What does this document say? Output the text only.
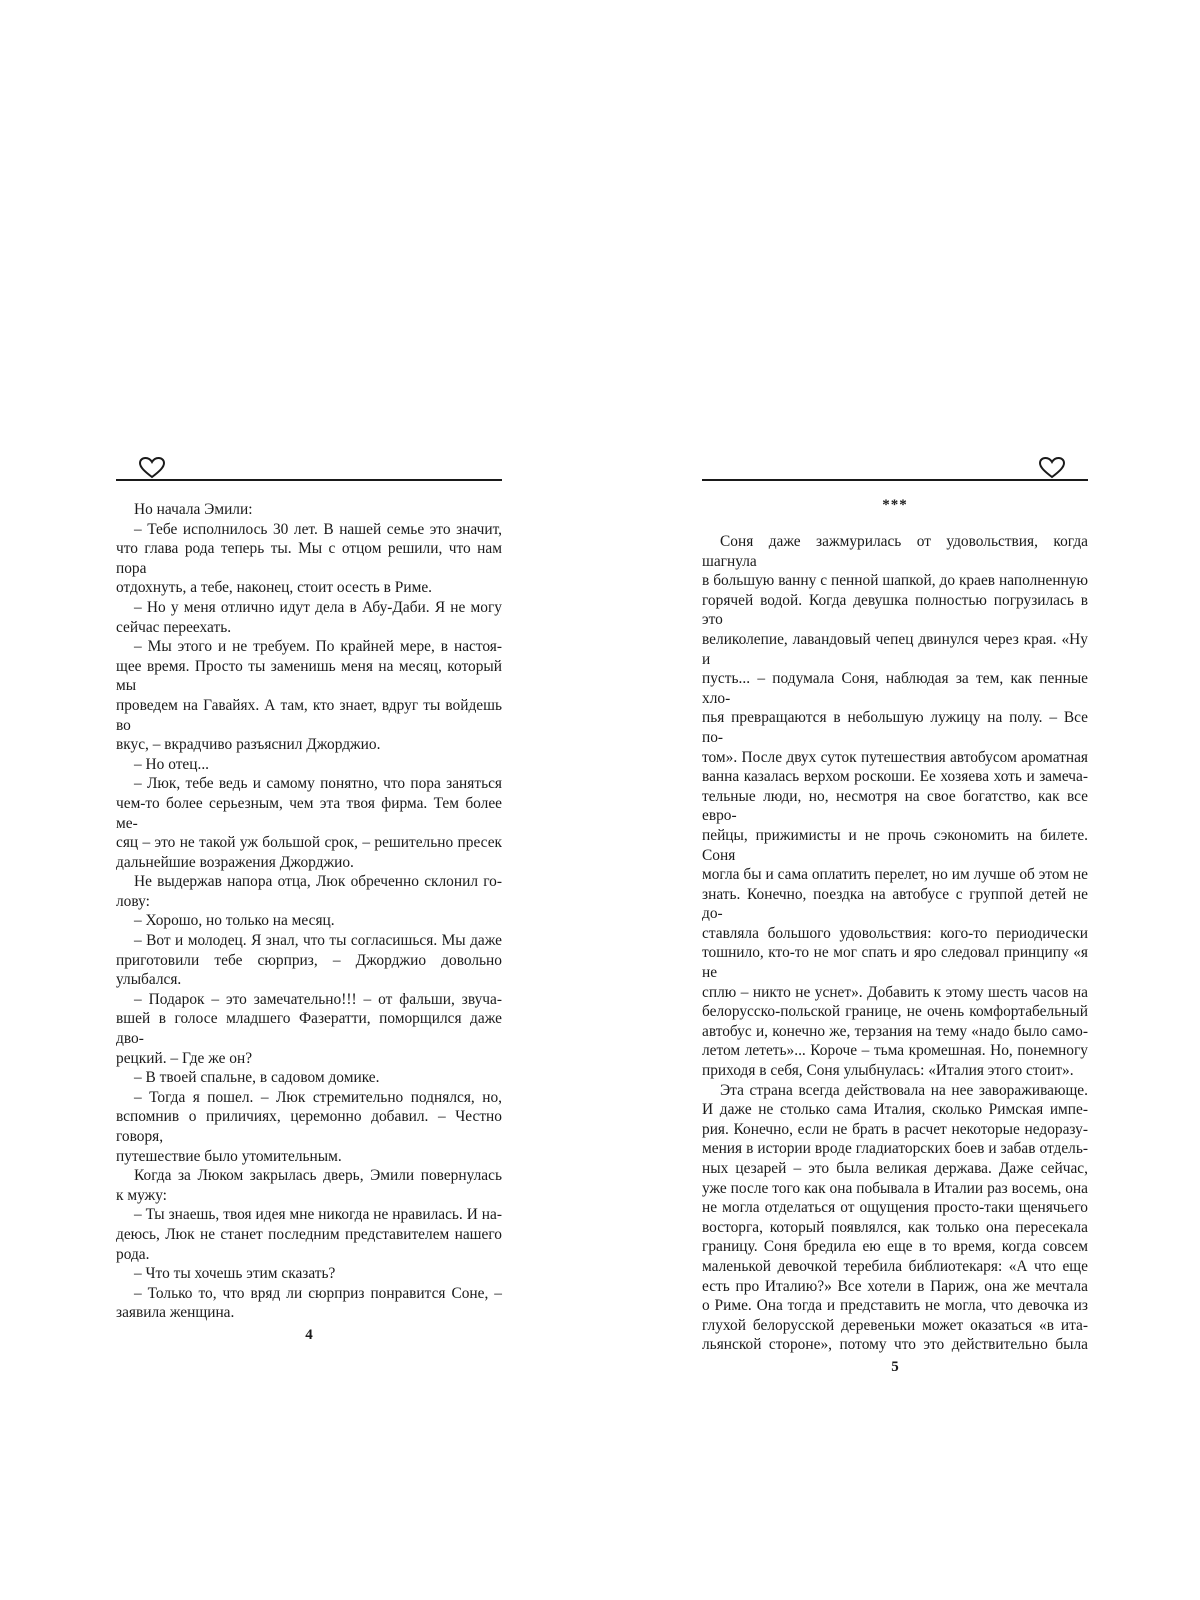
Но начала Эмили:

– Тебе исполнилось 30 лет. В нашей семье это значит,

что глава рода теперь ты. Мы с отцом решили, что нам пора

отдохнуть, а тебе, наконец, стоит осесть в Риме.

– Но у меня отлично идут дела в Абу-Даби. Я не могу

сейчас переехать.

– Мы этого и не требуем. По крайней мере, в настоя-

щее время. Просто ты заменишь меня на месяц, который мы

проведем на Гавайях. А там, кто знает, вдруг ты войдешь во

вкус, – вкрадчиво разъяснил Джорджио.

– Но отец...

– Люк, тебе ведь и самому понятно, что пора заняться

чем-то более серьезным, чем эта твоя фирма. Тем более ме-

сяц – это не такой уж большой срок, – решительно пресек

дальнейшие возражения Джорджио.

Не выдержав напора отца, Люк обреченно склонил го-

лову:

– Хорошо, но только на месяц.

– Вот и молодец. Я знал, что ты согласишься. Мы даже

приготовили тебе сюрприз, – Джорджио довольно улыбался.

– Подарок – это замечательно!!! – от фальши, звуча-

вшей в голосе младшего Фазератти, поморщился даже дво-

рецкий. – Где же он?

– В твоей спальне, в садовом домике.

– Тогда я пошел. – Люк стремительно поднялся, но,

вспомнив о приличиях, церемонно добавил. – Честно говоря,

путешествие было утомительным.

Когда за Люком закрылась дверь, Эмили повернулась

к мужу:

– Ты знаешь, твоя идея мне никогда не нравилась. И на-

деюсь, Люк не станет последним представителем нашего

рода.

– Что ты хочешь этим сказать?

– Только то, что вряд ли сюрприз понравится Соне, –

заявила женщина.

4
***

Соня даже зажмурилась от удовольствия, когда шагнула

в большую ванну с пенной шапкой, до краев наполненную

горячей водой. Когда девушка полностью погрузилась в это

великолепие, лавандовый чепец двинулся через края. «Ну и

пусть... – подумала Соня, наблюдая за тем, как пенные хло-

пья превращаются в небольшую лужицу на полу. – Все по-

том». После двух суток путешествия автобусом ароматная

ванна казалась верхом роскоши. Ее хозяева хоть и замеча-

тельные люди, но, несмотря на свое богатство, как все евро-

пейцы, прижимисты и не прочь сэкономить на билете. Соня

могла бы и сама оплатить перелет, но им лучше об этом не

знать. Конечно, поездка на автобусе с группой детей не до-

ставляла большого удовольствия: кого-то периодически

тошнило, кто-то не мог спать и яро следовал принципу «я не

сплю – никто не уснет». Добавить к этому шесть часов на

белорусско-польской границе, не очень комфортабельный

автобус и, конечно же, терзания на тему «надо было само-

летом лететь»... Короче – тьма кромешная. Но, понемногу

приходя в себя, Соня улыбнулась: «Италия этого стоит».

Эта страна всегда действовала на нее завораживающе.

И даже не столько сама Италия, сколько Римская импе-

рия. Конечно, если не брать в расчет некоторые недоразу-

мения в истории вроде гладиаторских боев и забав отдель-

ных цезарей – это была великая держава. Даже сейчас,

уже после того как она побывала в Италии раз восемь, она

не могла отделаться от ощущения просто-таки щенячьего

восторга, который появлялся, как только она пересекала

границу. Соня бредила ею еще в то время, когда совсем

маленькой девочкой теребила библиотекаря: «А что еще

есть про Италию?» Все хотели в Париж, она же мечтала

о Риме. Она тогда и представить не могла, что девочка из

глухой белорусской деревеньки может оказаться «в ита-

льянской стороне», потому что это действительно была

5
